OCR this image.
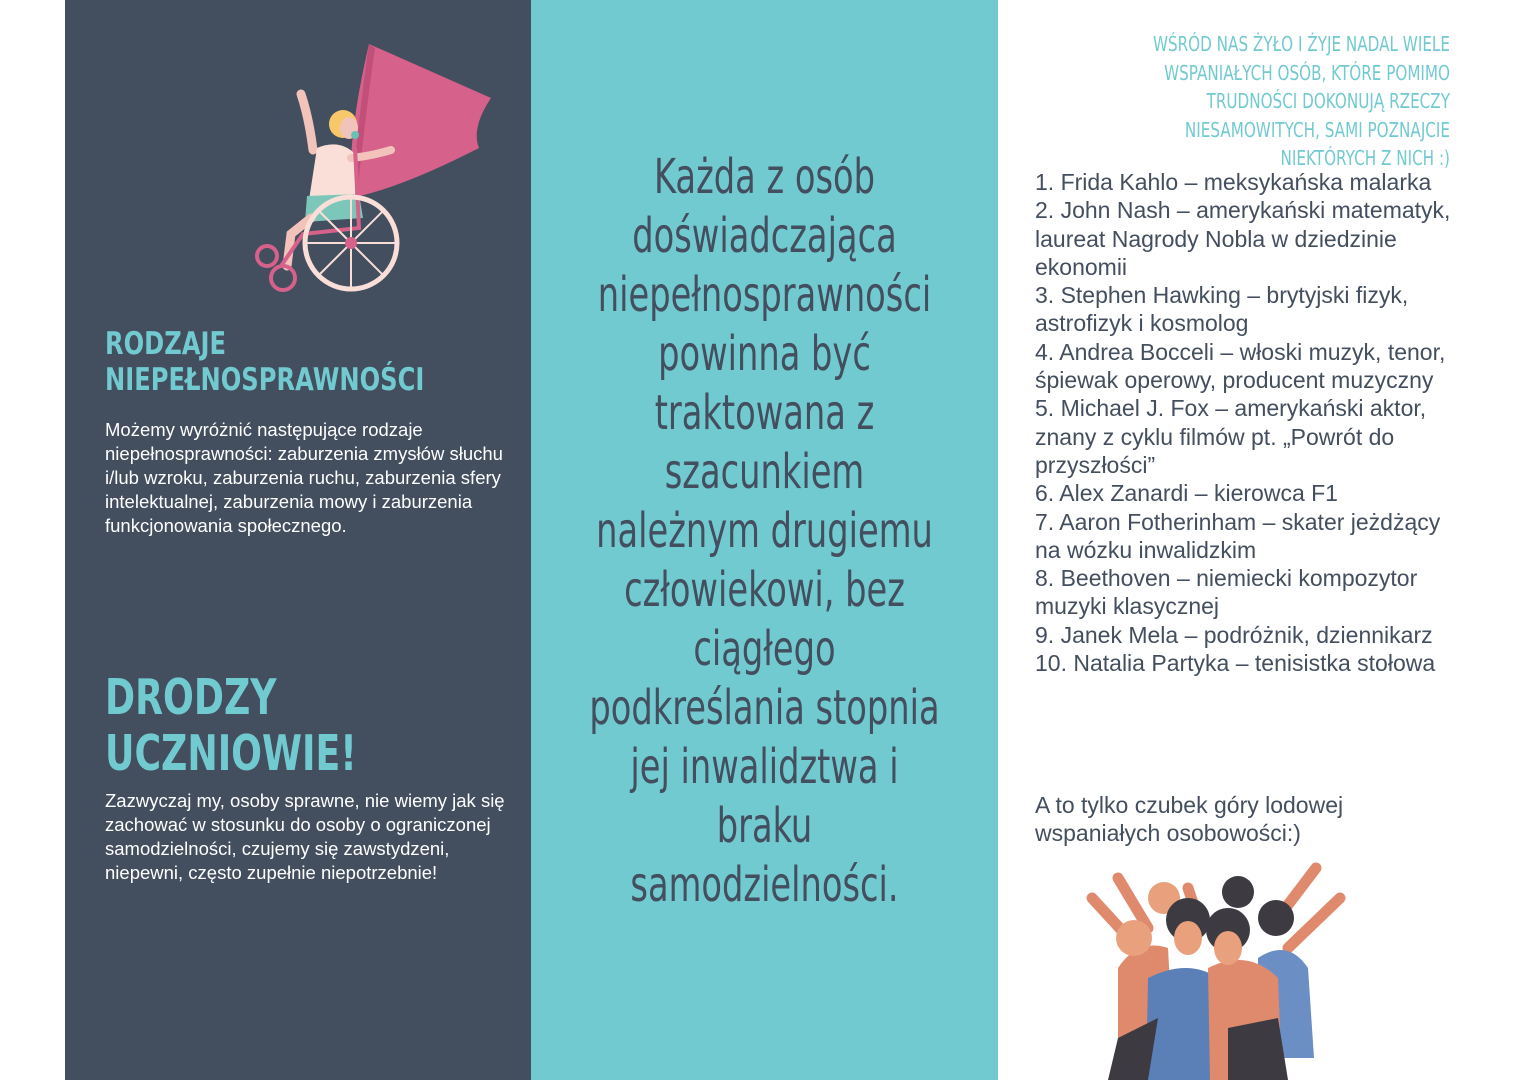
RODZAJE
NIEPEŁNOSPRAWNOŚCI

Możemy wyróżnić następujące rodzaje niepełnosprawności: zaburzenia zmysłów słuchu i/lub wzroku, zaburzenia ruchu, zaburzenia sfery intelektualnej, zaburzenia mowy i zaburzenia funkcjonowania społecznego.

DRODZY
UCZNIOWIE!

Zazwyczaj my, osoby sprawne, nie wiemy jak się zachować w stosunku do osoby o ograniczonej samodzielności, czujemy się zawstydzeni, niepewni, często zupełnie niepotrzebnie!

Każda z osób doświadczająca niepełnosprawności powinna być traktowana z szacunkiem należnym drugiemu człowiekowi, bez ciągłego podkreślania stopnia jej inwalidztwa i braku samodzielności.

WŚRÓD NAS ŻYŁO I ŻYJE NADAL WIELE WSPANIAŁYCH OSÓB, KTÓRE POMIMO TRUDNOŚCI DOKONUJĄ RZECZY NIESAMOWITYCH, SAMI POZNAJCIE NIEKTÓRYCH Z NICH :)

1. Frida Kahlo – meksykańska malarka
2. John Nash – amerykański matematyk, laureat Nagrody Nobla w dziedzinie ekonomii
3. Stephen Hawking – brytyjski fizyk, astrofizyk i kosmolog
4. Andrea Bocceli – włoski muzyk, tenor, śpiewak operowy, producent muzyczny
5. Michael J. Fox – amerykański aktor, znany z cyklu filmów pt. „Powrót do przyszłości”
6. Alex Zanardi – kierowca F1
7. Aaron Fotherinham – skater jeżdżący na wózku inwalidzkim
8. Beethoven – niemiecki kompozytor muzyki klasycznej
9. Janek Mela – podróżnik, dziennikarz
10. Natalia Partyka – tenisistka stołowa

A to tylko czubek góry lodowej wspaniałych osobowości:)
